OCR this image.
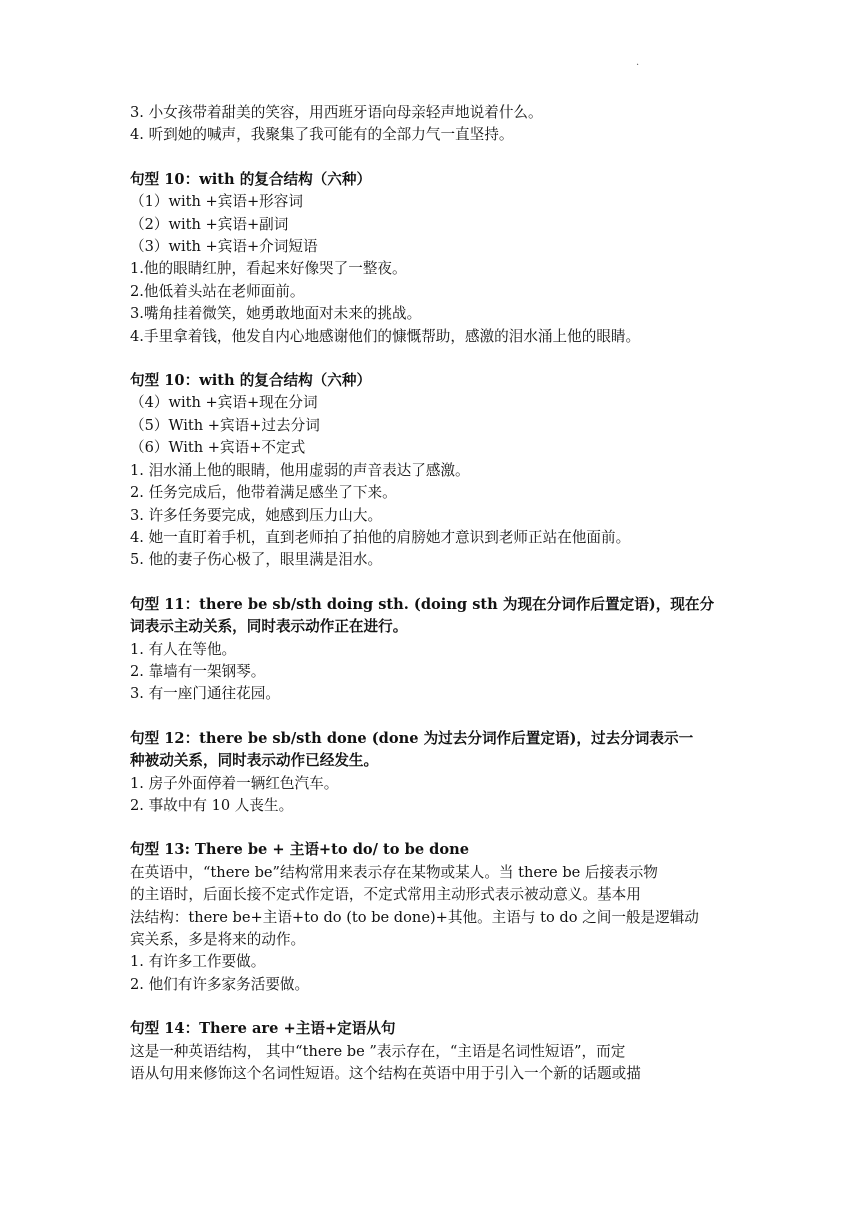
·
3. 小女孩带着甜美的笑容，用西班牙语向母亲轻声地说着什么。
4. 听到她的喊声，我聚集了我可能有的全部力气一直坚持。
句型 10：with 的复合结构（六种）
（1）with +宾语+形容词
（2）with +宾语+副词
（3）with +宾语+介词短语
1.他的眼睛红肿，看起来好像哭了一整夜。
2.他低着头站在老师面前。
3.嘴角挂着微笑，她勇敢地面对未来的挑战。
4.手里拿着钱，他发自内心地感谢他们的慷慨帮助，感激的泪水涌上他的眼睛。
句型 10：with 的复合结构（六种）
（4）with +宾语+现在分词
（5）With +宾语+过去分词
（6）With +宾语+不定式
1. 泪水涌上他的眼睛，他用虚弱的声音表达了感激。
2. 任务完成后，他带着满足感坐了下来。
3. 许多任务要完成，她感到压力山大。
4. 她一直盯着手机，直到老师拍了拍他的肩膀她才意识到老师正站在他面前。
5. 他的妻子伤心极了，眼里满是泪水。
句型 11：there be sb/sth doing sth. (doing sth 为现在分词作后置定语)，现在分
词表示主动关系，同时表示动作正在进行。
1. 有人在等他。
2. 靠墙有一架钢琴。
3. 有一座门通往花园。
句型 12：there be sb/sth done (done 为过去分词作后置定语)，过去分词表示一
种被动关系，同时表示动作已经发生。
1. 房子外面停着一辆红色汽车。
2. 事故中有 10 人丧生。
句型 13: There be + 主语+to do/ to be done
在英语中，“there be”结构常用来表示存在某物或某人。当 there be 后接表示物
的主语时，后面长接不定式作定语，不定式常用主动形式表示被动意义。基本用
法结构：there be+主语+to do (to be done)+其他。主语与 to do 之间一般是逻辑动
宾关系，多是将来的动作。
1. 有许多工作要做。
2. 他们有许多家务活要做。
句型 14：There are +主语+定语从句
这是一种英语结构， 其中“there be ”表示存在，“主语是名词性短语”，而定
语从句用来修饰这个名词性短语。这个结构在英语中用于引入一个新的话题或描
